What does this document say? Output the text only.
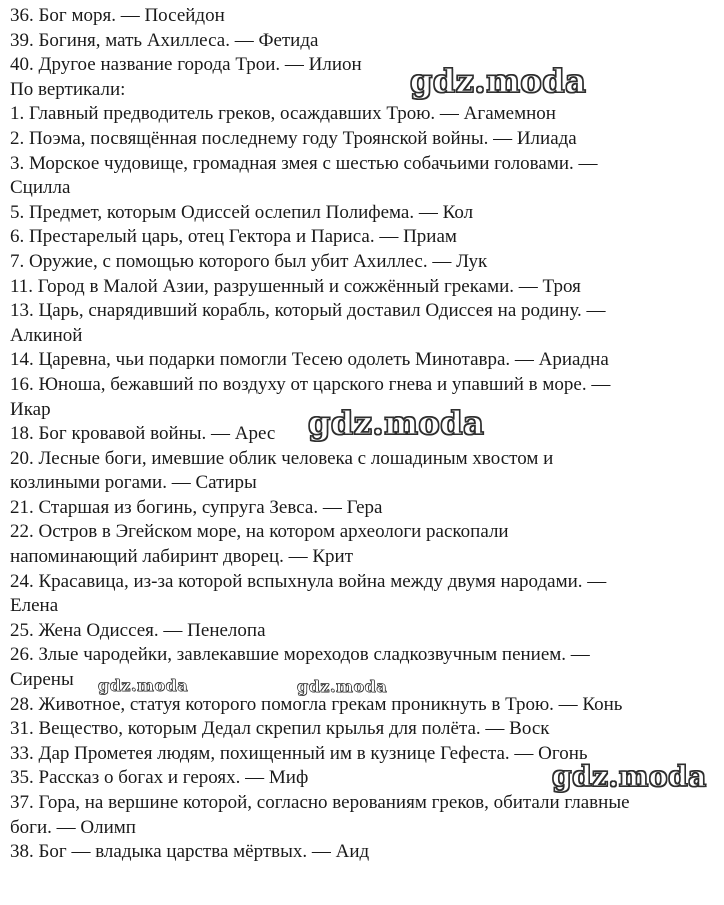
36. Бог моря. — Посейдон
39. Богиня, мать Ахиллеса. — Фетида
40. Другое название города Трои. — Илион
По вертикали:
1. Главный предводитель греков, осаждавших Трою. — Агамемнон
2. Поэма, посвящённая последнему году Троянской войны. — Илиада
3. Морское чудовище, громадная змея с шестью собачьими головами. —
Сцилла
5. Предмет, которым Одиссей ослепил Полифема. — Кол
6. Престарелый царь, отец Гектора и Париса. — Приам
7. Оружие, с помощью которого был убит Ахиллес. — Лук
11. Город в Малой Азии, разрушенный и сожжённый греками. — Троя
13. Царь, снарядивший корабль, который доставил Одиссея на родину. —
Алкиной
14. Царевна, чьи подарки помогли Тесею одолеть Минотавра. — Ариадна
16. Юноша, бежавший по воздуху от царского гнева и упавший в море. —
Икар
18. Бог кровавой войны. — Арес
20. Лесные боги, имевшие облик человека с лошадиным хвостом и
козлиными рогами. — Сатиры
21. Старшая из богинь, супруга Зевса. — Гера
22. Остров в Эгейском море, на котором археологи раскопали
напоминающий лабиринт дворец. — Крит
24. Красавица, из-за которой вспыхнула война между двумя народами. —
Елена
25. Жена Одиссея. — Пенелопа
26. Злые чародейки, завлекавшие мореходов сладкозвучным пением. —
Сирены
28. Животное, статуя которого помогла грекам проникнуть в Трою. — Конь
31. Вещество, которым Дедал скрепил крылья для полёта. — Воск
33. Дар Прометея людям, похищенный им в кузнице Гефеста. — Огонь
35. Рассказ о богах и героях. — Миф
37. Гора, на вершине которой, согласно верованиям греков, обитали главные
боги. — Олимп
38. Бог — владыка царства мёртвых. — Аид
gdz.moda
gdz.moda
gdz.moda	gdz.moda
gdz.moda
